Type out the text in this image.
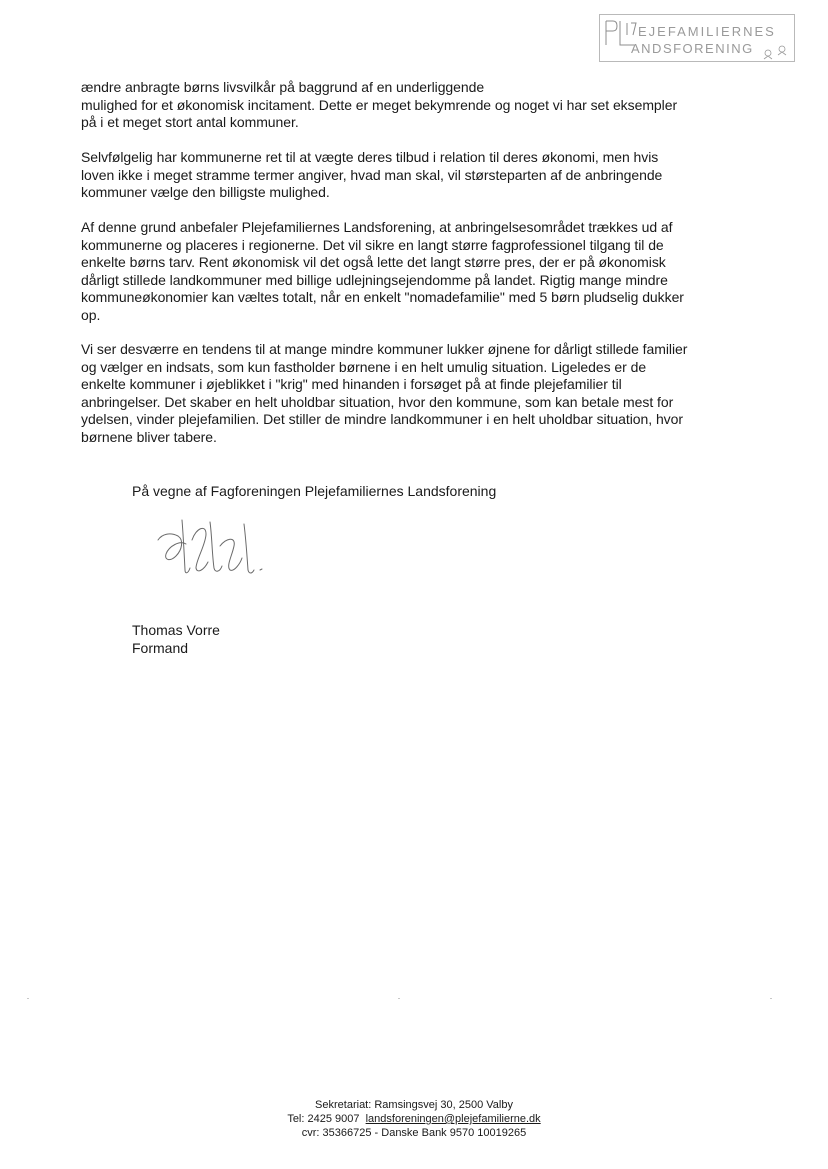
EJEFAMILIERNES
ANDSFORENING

ændre anbragte børns livsvilkår på baggrund af en underliggende

mulighed for et økonomisk incitament. Dette er meget bekymrende og noget vi har set eksempler

på i et meget stort antal kommuner.

Selvfølgelig har kommunerne ret til at vægte deres tilbud i relation til deres økonomi, men hvis

loven ikke i meget stramme termer angiver, hvad man skal, vil størsteparten af de anbringende

kommuner vælge den billigste mulighed.

Af denne grund anbefaler Plejefamiliernes Landsforening, at anbringelsesområdet trækkes ud af

kommunerne og placeres i regionerne. Det vil sikre en langt større fagprofessionel tilgang til de

enkelte børns tarv. Rent økonomisk vil det også lette det langt større pres, der er på økonomisk

dårligt stillede landkommuner med billige udlejningsejendomme på landet. Rigtig mange mindre

kommuneøkonomier kan væltes totalt, når en enkelt "nomadefamilie" med 5 børn pludselig dukker

op.

Vi ser desværre en tendens til at mange mindre kommuner lukker øjnene for dårligt stillede familier

og vælger en indsats, som kun fastholder børnene i en helt umulig situation. Ligeledes er de

enkelte kommuner i øjeblikket i "krig" med hinanden i forsøget på at finde plejefamilier til

anbringelser. Det skaber en helt uholdbar situation, hvor den kommune, som kan betale mest for

ydelsen, vinder plejefamilien. Det stiller de mindre landkommuner i en helt uholdbar situation, hvor

børnene bliver tabere.

På vegne af Fagforeningen Plejefamiliernes Landsforening
Thomas Vorre
Formand
Sekretariat: Ramsingsvej 30, 2500 Valby
Tel: 2425 9007 landsforeningen@plejefamilierne.dk
cvr: 35366725 - Danske Bank 9570 10019265
